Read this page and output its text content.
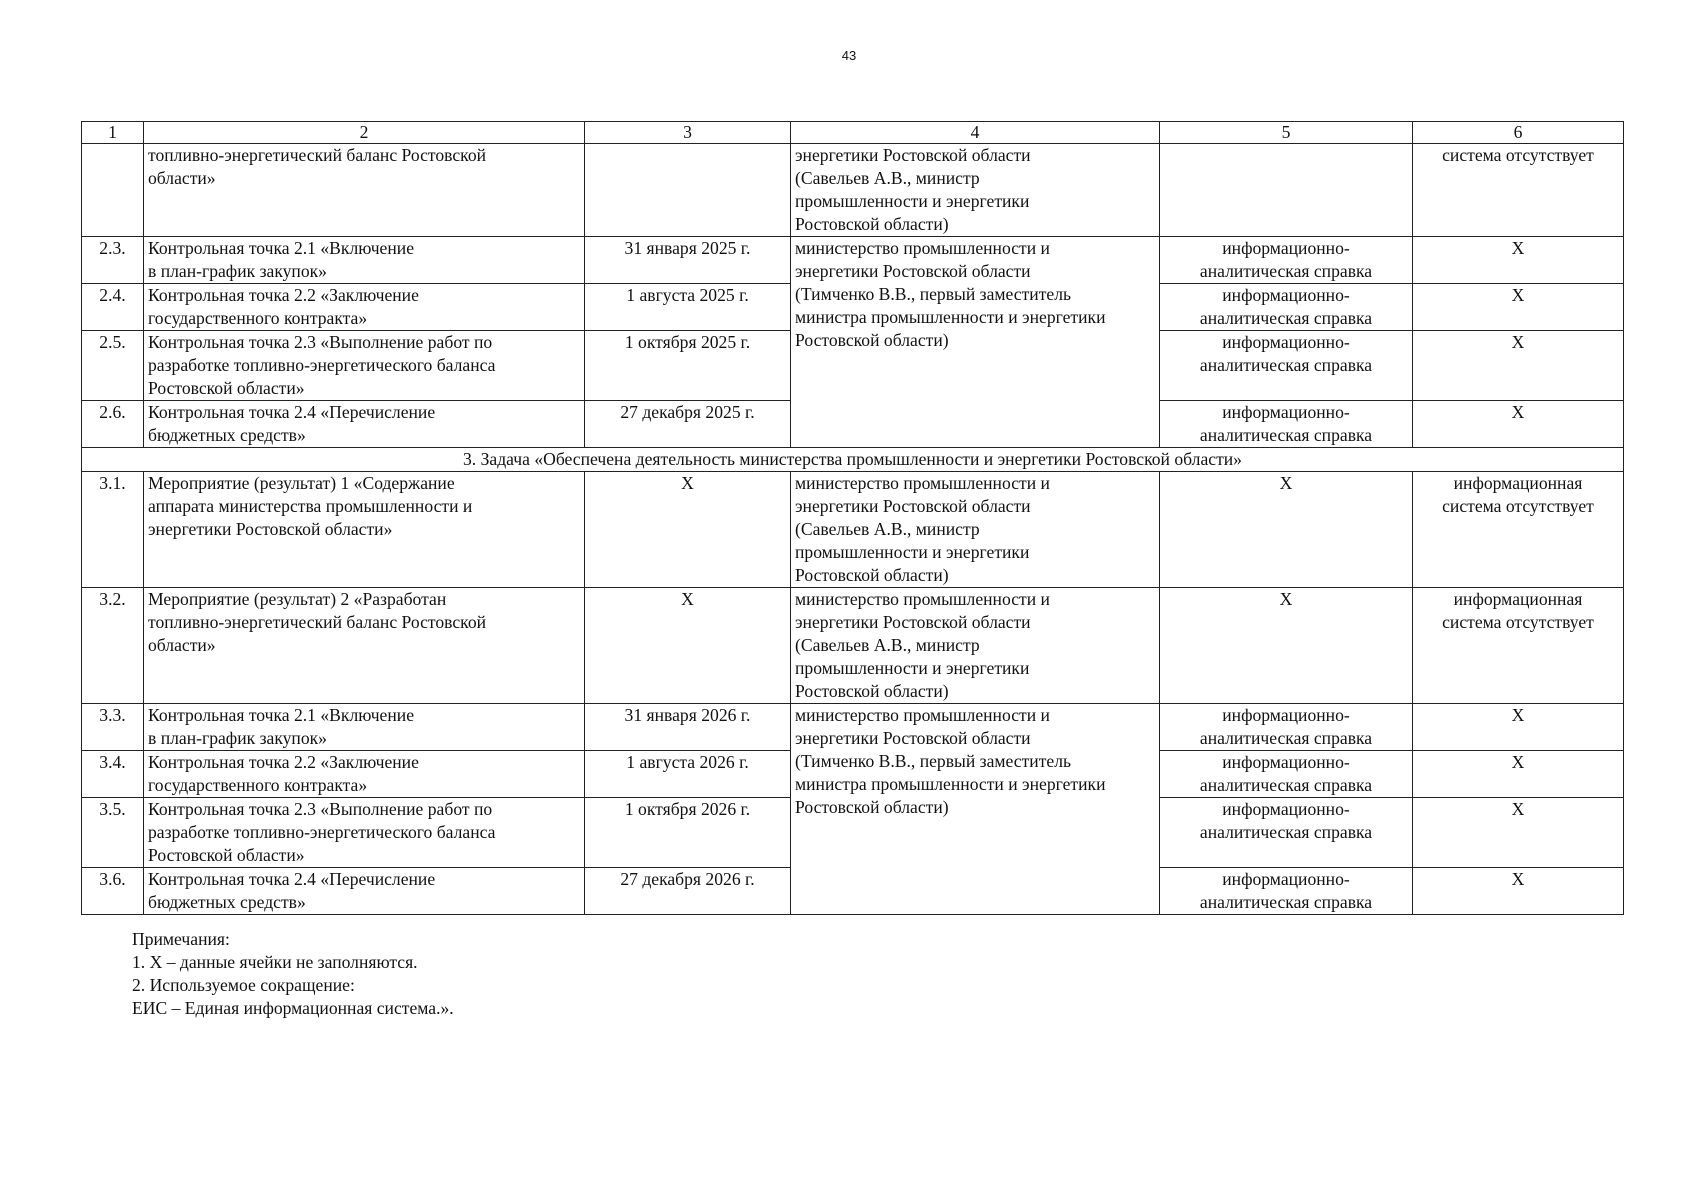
43
1	2	3	4	5	6
	топливно-энергетический баланс Ростовской
области»		энергетики Ростовской области
(Савельев А.В., министр
промышленности и энергетики
Ростовской области)		система отсутствует
2.3.	Контрольная точка 2.1 «Включение
в план-график закупок»	31 января 2025 г.	министерство промышленности и
энергетики Ростовской области
(Тимченко В.В., первый заместитель
министра промышленности и энергетики
Ростовской области)	информационно-
аналитическая справка	X
2.4.	Контрольная точка 2.2 «Заключение
государственного контракта»	1 августа 2025 г.		информационно-
аналитическая справка	X
2.5.	Контрольная точка 2.3 «Выполнение работ по
разработке топливно-энергетического баланса
Ростовской области»	1 октября 2025 г.		информационно-
аналитическая справка	X
2.6.	Контрольная точка 2.4 «Перечисление
бюджетных средств»	27 декабря 2025 г.		информационно-
аналитическая справка	X
3. Задача «Обеспечена деятельность министерства промышленности и энергетики Ростовской области»					
3.1.	Мероприятие (результат) 1 «Содержание
аппарата министерства промышленности и
энергетики Ростовской области»	X	министерство промышленности и
энергетики Ростовской области
(Савельев А.В., министр
промышленности и энергетики
Ростовской области)	X	информационная
система отсутствует
3.2.	Мероприятие (результат) 2 «Разработан
топливно-энергетический баланс Ростовской
области»	X	министерство промышленности и
энергетики Ростовской области
(Савельев А.В., министр
промышленности и энергетики
Ростовской области)	X	информационная
система отсутствует
3.3.	Контрольная точка 2.1 «Включение
в план-график закупок»	31 января 2026 г.	министерство промышленности и
энергетики Ростовской области
(Тимченко В.В., первый заместитель
министра промышленности и энергетики
Ростовской области)	информационно-
аналитическая справка	X
3.4.	Контрольная точка 2.2 «Заключение
государственного контракта»	1 августа 2026 г.		информационно-
аналитическая справка	X
3.5.	Контрольная точка 2.3 «Выполнение работ по
разработке топливно-энергетического баланса
Ростовской области»	1 октября 2026 г.		информационно-
аналитическая справка	X
3.6.	Контрольная точка 2.4 «Перечисление
бюджетных средств»	27 декабря 2026 г.		информационно-
аналитическая справка	X
Примечания:
1. X – данные ячейки не заполняются.
2. Используемое сокращение:
ЕИС – Единая информационная система.».
